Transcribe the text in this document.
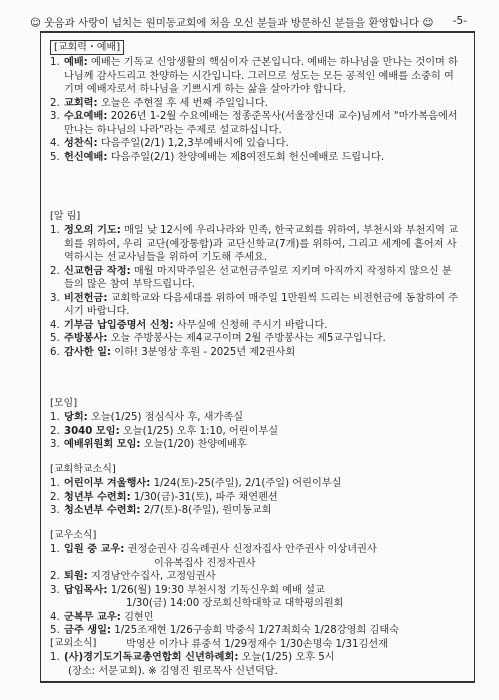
☺ 웃음과 사랑이 넘치는 원미동교회에 처음 오신 분들과 방문하신 분들을 환영합니다 ☺ -5-
[교회력・예배]
1. 예배: 예배는 기독교 신앙생활의 핵심이자 근본입니다. 예배는 하나님을 만나는 것이며 하나님께 감사드리고 찬양하는 시간입니다. 그러므로 성도는 모든 공적인 예배를 소중히 여기며 예배자로서 하나님을 기쁘시게 하는 삶을 살아가야 합니다.
2. 교회력: 오늘은 주현절 후 세 번째 주일입니다.
3. 수요예배: 2026년 1-2월 수요예배는 정종준목사(서울장신대 교수)님께서 "마가복음에서 만나는 하나님의 나라"라는 주제로 설교하십니다.
4. 성찬식: 다음주일(2/1) 1,2,3부예배시에 있습니다.
5. 헌신예배: 다음주일(2/1) 찬양예배는 제8여전도회 헌신예배로 드립니다.
[알 림]
1. 정오의 기도: 매일 낮 12시에 우리나라와 민족, 한국교회를 위하여, 부천시와 부천지역 교회를 위하여, 우리 교단(예장통합)과 교단신학교(7개)를 위하여, 그리고 세계에 흩어져 사역하시는 선교사님들을 위하여 기도해 주세요.
2. 신교헌금 작정: 매월 마지막주일은 선교헌금주일로 지키며 아직까지 작정하지 않으신 분들의 많은 참여 부탁드립니다.
3. 비전헌금: 교회학교와 다음세대를 위하여 매주일 1만원씩 드리는 비전헌금에 동참하여 주시기 바랍니다.
4. 기부금 납입증명서 신청: 사무실에 신청해 주시기 바랍니다.
5. 주방봉사: 오늘 주방봉사는 제4교구이며 2월 주방봉사는 제5교구입니다.
6. 감사한 일: 이하! 3분영상 후원 - 2025년 제2권사회
[모임]
1. 당회: 오늘(1/25) 점심식사 후, 새가족실
2. 3040 모임: 오늘(1/25) 오후 1:10, 어린이부실
3. 예배위원회 모임: 오늘(1/20) 찬양예배후
[교회학교소식]
1. 어린이부 겨울행사: 1/24(토)-25(주일), 2/1(주일) 어린이부실
2. 청년부 수련회: 1/30(금)-31(토), 파주 채연펜션
3. 청소년부 수련회: 2/7(토)-8(주일), 원미동교회
[교우소식]
1. 입원 중 교우: 권정순권사 김옥례권사 신정자집사 안주권사 이상녀권사
이유복집사 진정자권사
2. 퇴원: 지경남안수집사, 고정임권사
3. 답임목사: 1/26(월) 19:30 부천시청 기독신우회 예배 설교
1/30(금) 14:00 장로회신학대학교 대학평의원회
4. 군복무 교우: 김현민
5. 금주 생일: 1/25조재현 1/26구송희 박중식 1/27최희숙 1/28강영희 김태숙
박영산 이가나 류중석 1/29정재수 1/30손명숙 1/31김선재
[교외소식]
1. (사)경기도기독교총연합회 신년하례회: 오늘(1/25) 오후 5시
(장소: 서문교회). ※ 김영진 원로목사 신년덕담.
